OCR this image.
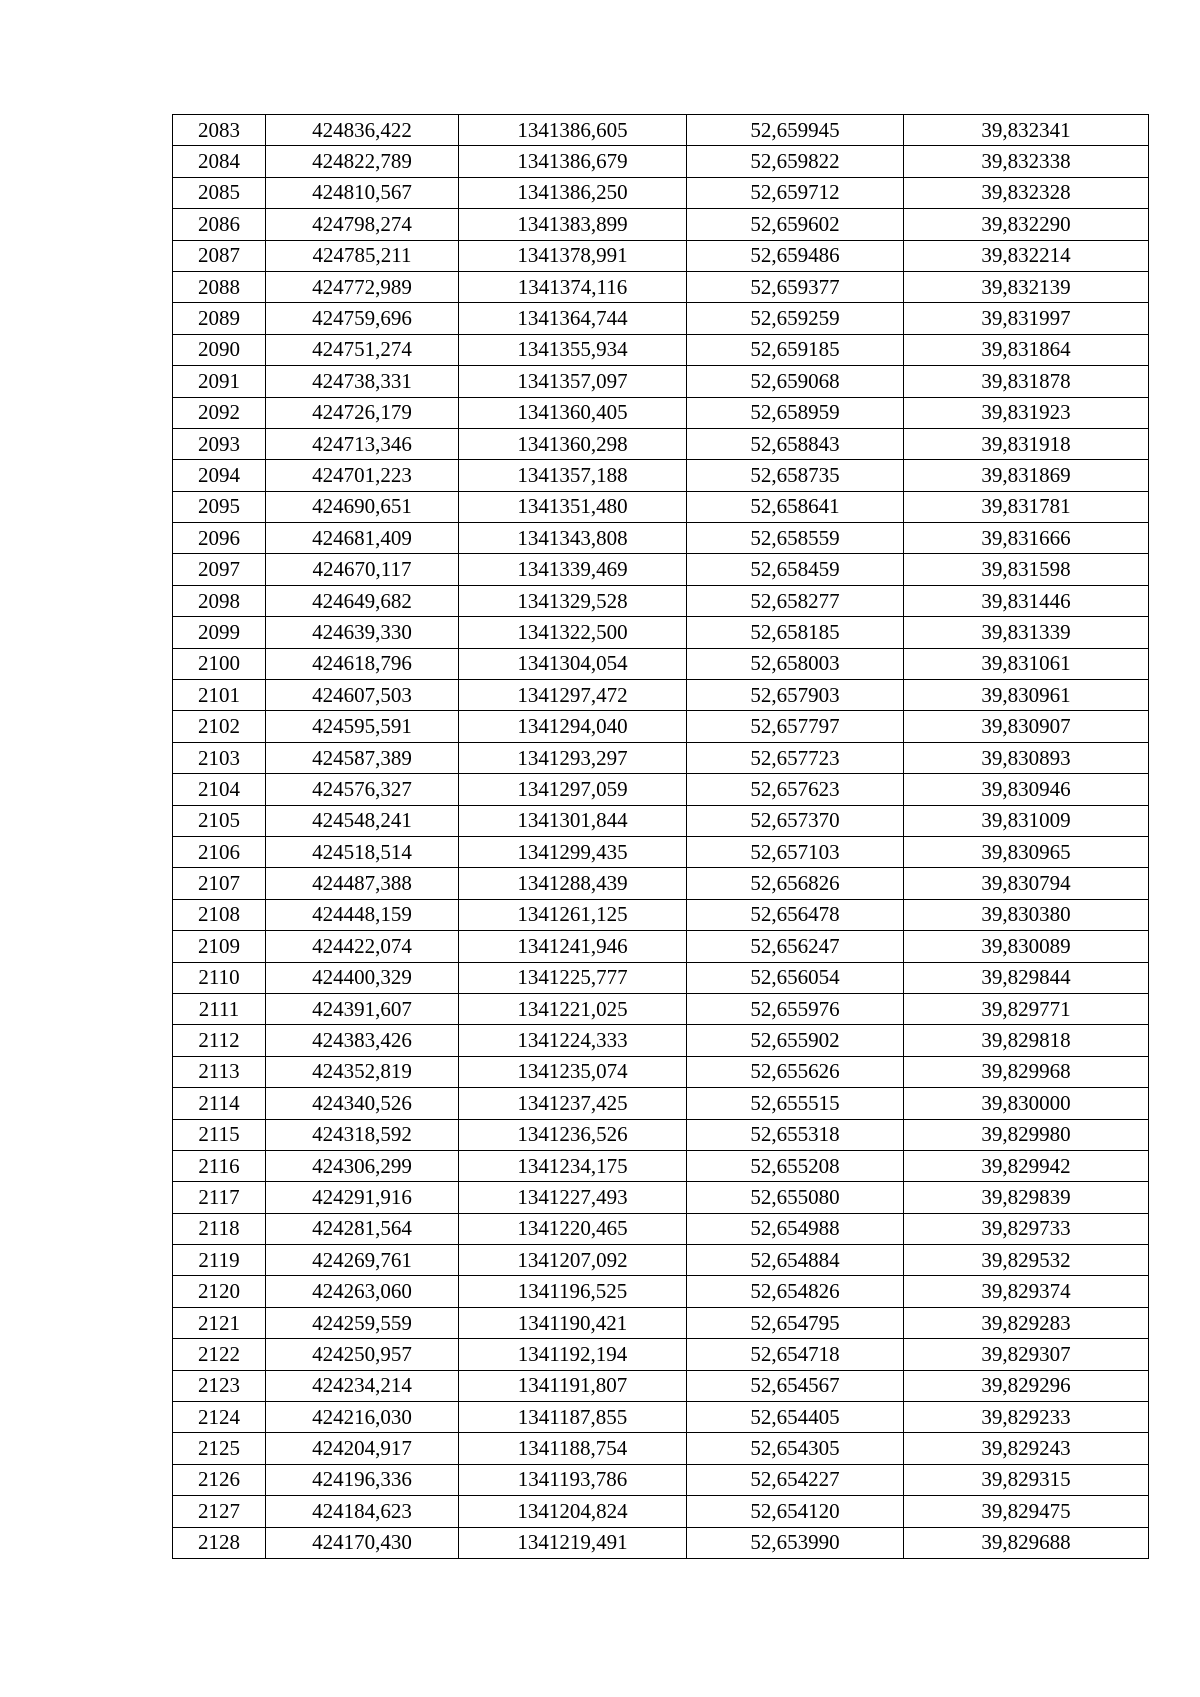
2083	424836,422	1341386,605	52,659945	39,832341
2084	424822,789	1341386,679	52,659822	39,832338
2085	424810,567	1341386,250	52,659712	39,832328
2086	424798,274	1341383,899	52,659602	39,832290
2087	424785,211	1341378,991	52,659486	39,832214
2088	424772,989	1341374,116	52,659377	39,832139
2089	424759,696	1341364,744	52,659259	39,831997
2090	424751,274	1341355,934	52,659185	39,831864
2091	424738,331	1341357,097	52,659068	39,831878
2092	424726,179	1341360,405	52,658959	39,831923
2093	424713,346	1341360,298	52,658843	39,831918
2094	424701,223	1341357,188	52,658735	39,831869
2095	424690,651	1341351,480	52,658641	39,831781
2096	424681,409	1341343,808	52,658559	39,831666
2097	424670,117	1341339,469	52,658459	39,831598
2098	424649,682	1341329,528	52,658277	39,831446
2099	424639,330	1341322,500	52,658185	39,831339
2100	424618,796	1341304,054	52,658003	39,831061
2101	424607,503	1341297,472	52,657903	39,830961
2102	424595,591	1341294,040	52,657797	39,830907
2103	424587,389	1341293,297	52,657723	39,830893
2104	424576,327	1341297,059	52,657623	39,830946
2105	424548,241	1341301,844	52,657370	39,831009
2106	424518,514	1341299,435	52,657103	39,830965
2107	424487,388	1341288,439	52,656826	39,830794
2108	424448,159	1341261,125	52,656478	39,830380
2109	424422,074	1341241,946	52,656247	39,830089
2110	424400,329	1341225,777	52,656054	39,829844
2111	424391,607	1341221,025	52,655976	39,829771
2112	424383,426	1341224,333	52,655902	39,829818
2113	424352,819	1341235,074	52,655626	39,829968
2114	424340,526	1341237,425	52,655515	39,830000
2115	424318,592	1341236,526	52,655318	39,829980
2116	424306,299	1341234,175	52,655208	39,829942
2117	424291,916	1341227,493	52,655080	39,829839
2118	424281,564	1341220,465	52,654988	39,829733
2119	424269,761	1341207,092	52,654884	39,829532
2120	424263,060	1341196,525	52,654826	39,829374
2121	424259,559	1341190,421	52,654795	39,829283
2122	424250,957	1341192,194	52,654718	39,829307
2123	424234,214	1341191,807	52,654567	39,829296
2124	424216,030	1341187,855	52,654405	39,829233
2125	424204,917	1341188,754	52,654305	39,829243
2126	424196,336	1341193,786	52,654227	39,829315
2127	424184,623	1341204,824	52,654120	39,829475
2128	424170,430	1341219,491	52,653990	39,829688
